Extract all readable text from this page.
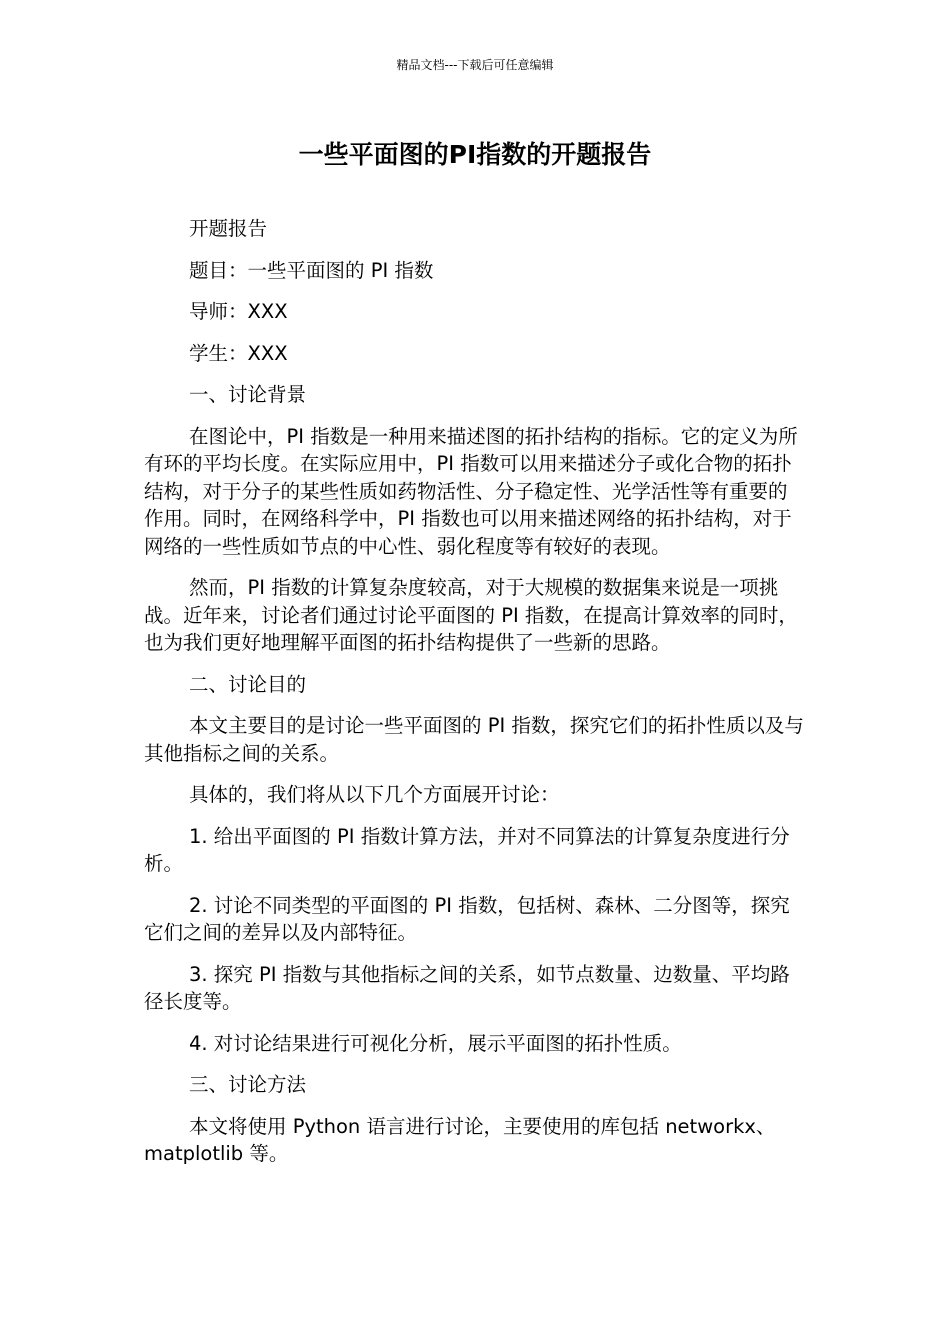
精品文档---下载后可任意编辑
一些平面图的PI指数的开题报告

开题报告

题目：一些平面图的 PI 指数

导师：XXX

学生：XXX

一、讨论背景

在图论中，PI 指数是一种用来描述图的拓扑结构的指标。它的定义为所有环的平均长度。在实际应用中，PI 指数可以用来描述分子或化合物的拓扑结构，对于分子的某些性质如药物活性、分子稳定性、光学活性等有重要的作用。同时，在网络科学中，PI 指数也可以用来描述网络的拓扑结构，对于网络的一些性质如节点的中心性、弱化程度等有较好的表现。

然而，PI 指数的计算复杂度较高，对于大规模的数据集来说是一项挑战。近年来，讨论者们通过讨论平面图的 PI 指数，在提高计算效率的同时，也为我们更好地理解平面图的拓扑结构提供了一些新的思路。

二、讨论目的

本文主要目的是讨论一些平面图的 PI 指数，探究它们的拓扑性质以及与其他指标之间的关系。

具体的，我们将从以下几个方面展开讨论：

1. 给出平面图的 PI 指数计算方法，并对不同算法的计算复杂度进行分析。

2. 讨论不同类型的平面图的 PI 指数，包括树、森林、二分图等，探究它们之间的差异以及内部特征。

3. 探究 PI 指数与其他指标之间的关系，如节点数量、边数量、平均路径长度等。

4. 对讨论结果进行可视化分析，展示平面图的拓扑性质。

三、讨论方法

本文将使用 Python 语言进行讨论，主要使用的库包括 networkx、matplotlib 等。
